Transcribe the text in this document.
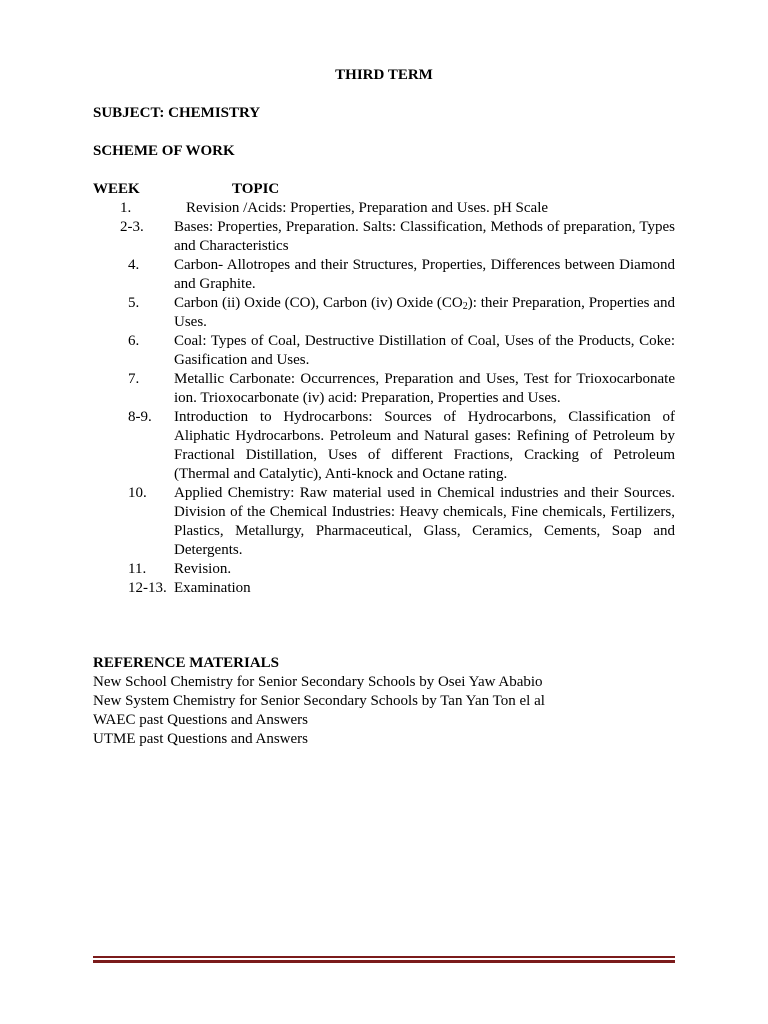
THIRD TERM
SUBJECT: CHEMISTRY
SCHEME OF WORK
WEEK	TOPIC
1.	Revision /Acids: Properties, Preparation and Uses. pH Scale
2-3.	Bases: Properties, Preparation. Salts: Classification, Methods of preparation, Types and Characteristics
4.	Carbon- Allotropes and their Structures, Properties, Differences between Diamond and Graphite.
5.	Carbon (ii) Oxide (CO), Carbon (iv) Oxide $(CO_2)$: their Preparation, Properties and Uses.
6.	Coal: Types of Coal, Destructive Distillation of Coal, Uses of the Products, Coke: Gasification and Uses.
7.	Metallic Carbonate: Occurrences, Preparation and Uses, Test for Trioxocarbonate ion. Trioxocarbonate (iv) acid: Preparation, Properties and Uses.
8-9.	Introduction to Hydrocarbons: Sources of Hydrocarbons, Classification of Aliphatic Hydrocarbons. Petroleum and Natural gases: Refining of Petroleum by Fractional Distillation, Uses of different Fractions, Cracking of Petroleum (Thermal and Catalytic), Anti-knock and Octane rating.
10.	Applied Chemistry: Raw material used in Chemical industries and their Sources. Division of the Chemical Industries: Heavy chemicals, Fine chemicals, Fertilizers, Plastics, Metallurgy, Pharmaceutical, Glass, Ceramics, Cements, Soap and Detergents.
11.	Revision.
12-13. Examination
REFERENCE MATERIALS
New School Chemistry for Senior Secondary Schools by Osei Yaw Ababio
New System Chemistry for Senior Secondary Schools by Tan Yan Ton el al
WAEC past Questions and Answers
UTME past Questions and Answers
